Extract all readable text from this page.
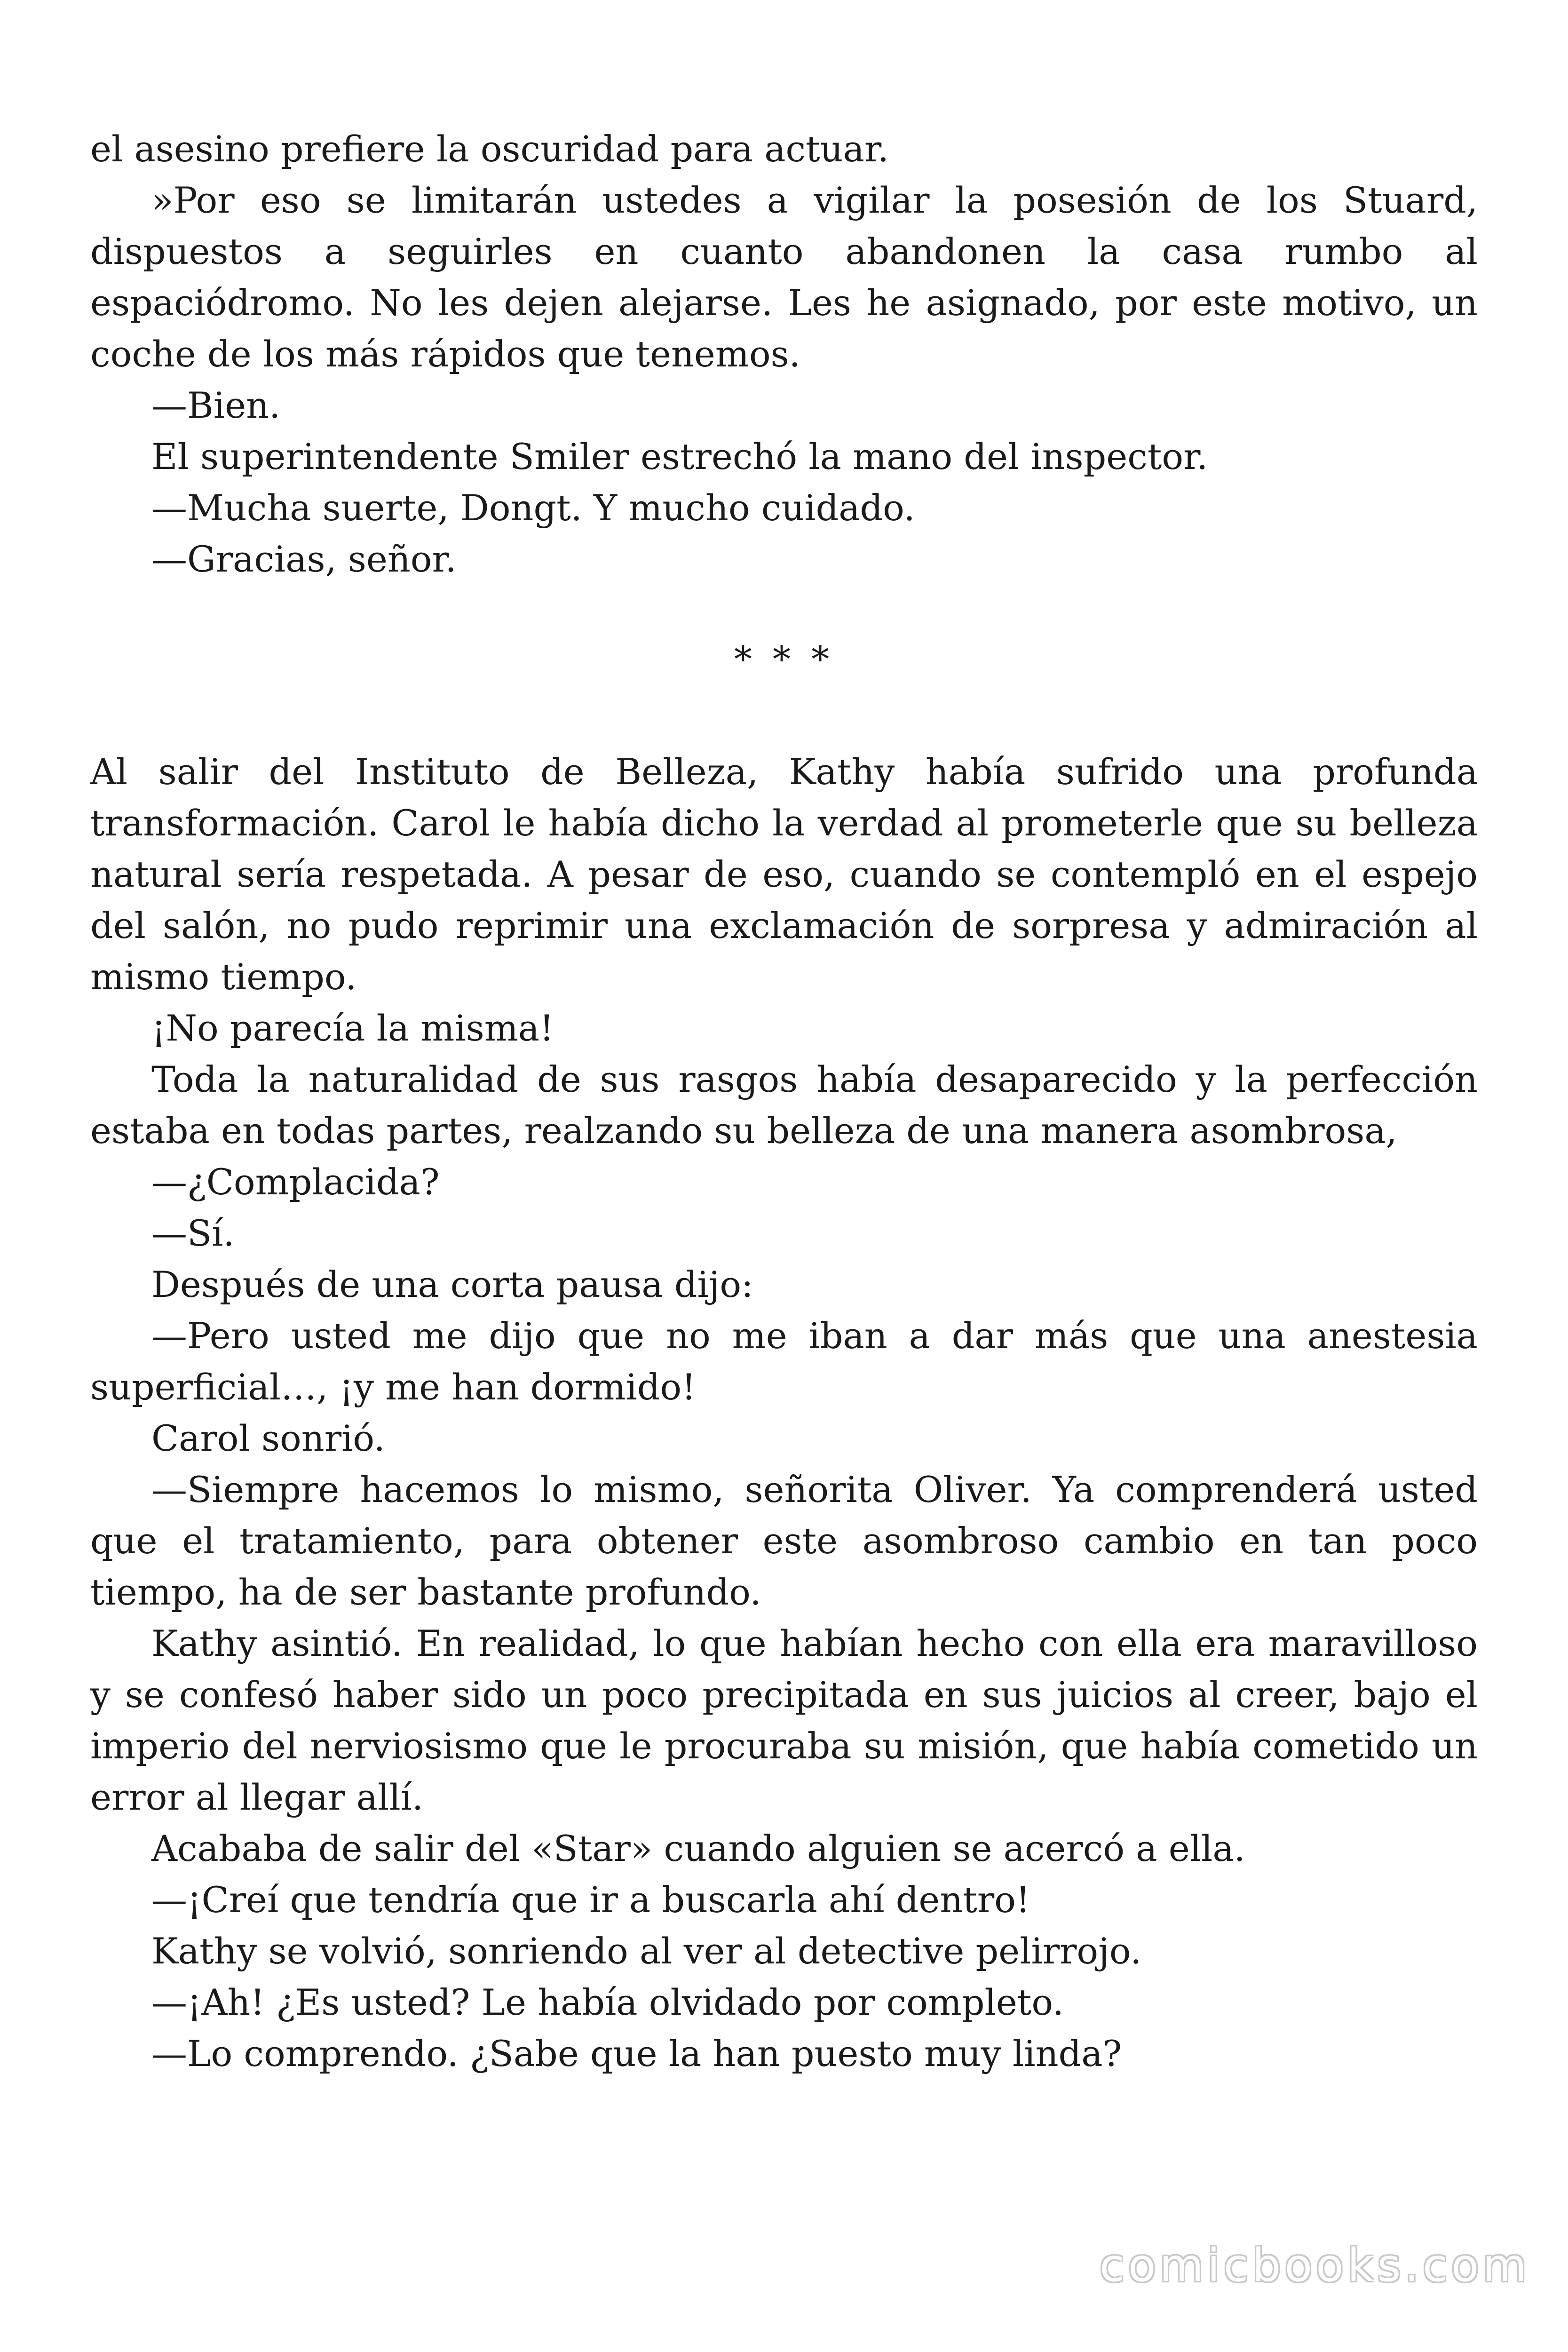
el asesino prefiere la oscuridad para actuar.

»Por eso se limitarán ustedes a vigilar la posesión de los Stuard, dispuestos a seguirles en cuanto abandonen la casa rumbo al espaciódromo. No les dejen alejarse. Les he asignado, por este motivo, un coche de los más rápidos que tenemos.

—Bien.

El superintendente Smiler estrechó la mano del inspector.

—Mucha suerte, Dongt. Y mucho cuidado.

—Gracias, señor.

* * *

Al salir del Instituto de Belleza, Kathy había sufrido una profunda transformación. Carol le había dicho la verdad al prometerle que su belleza natural sería respetada. A pesar de eso, cuando se contempló en el espejo del salón, no pudo reprimir una exclamación de sorpresa y admiración al mismo tiempo.

¡No parecía la misma!

Toda la naturalidad de sus rasgos había desaparecido y la perfección estaba en todas partes, realzando su belleza de una manera asombrosa,

—¿Complacida?

—Sí.

Después de una corta pausa dijo:

—Pero usted me dijo que no me iban a dar más que una anestesia superficial…, ¡y me han dormido!

Carol sonrió.

—Siempre hacemos lo mismo, señorita Oliver. Ya comprenderá usted que el tratamiento, para obtener este asombroso cambio en tan poco tiempo, ha de ser bastante profundo.

Kathy asintió. En realidad, lo que habían hecho con ella era maravilloso y se confesó haber sido un poco precipitada en sus juicios al creer, bajo el imperio del nerviosismo que le procuraba su misión, que había cometido un error al llegar allí.

Acababa de salir del «Star» cuando alguien se acercó a ella.

—¡Creí que tendría que ir a buscarla ahí dentro!

Kathy se volvió, sonriendo al ver al detective pelirrojo.

—¡Ah! ¿Es usted? Le había olvidado por completo.

—Lo comprendo. ¿Sabe que la han puesto muy linda?

comicbooks.com
